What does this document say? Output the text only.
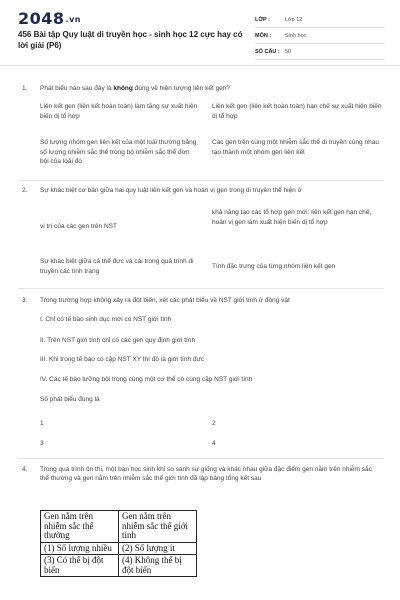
2048.vn
456 Bài tập Quy luật di truyền học - sinh học 12 cực hay có lời giải (P6)
LỚP :	Lớp 12
MÔN :	Sinh học
SỐ CÂU : 50
1. Phát biểu nào sau đây là không đúng về hiện tượng liên kết gen?
Liên kết gen (liên kết hoàn toàn) làm tăng sự xuất hiện biến dị tổ hợp
Liên kết gen (liên kết hoàn toàn) hạn chế sự xuất hiện biến dị tổ hợp
Số lượng nhóm gen liên kết của một loài thường bằng số lượng nhiễm sắc thể trong bộ nhiễm sắc thể đơn bội của loài đó
Các gen trên cùng một nhiễm sắc thể di truyền cùng nhau tạo thành một nhóm gen liên kết
2. Sự khác biệt cơ bản giữa hai quy luật liên kết gen và hoán vị gen trong di truyền thể hiện ở
vị trí của các gen trên NST
khả năng tạo các tổ hợp gen mới: liên kết gen hạn chế, hoán vị gen làm xuất hiện biến dị tổ hợp
Sự khác biệt giữa cá thể đực và cái trong quá trình di truyền các tính trạng
Tính đặc trưng của từng nhóm liên kết gen
3. Trong trường hợp không xảy ra đột biến, xét các phát biểu về NST giới tính ở động vật
I. Chỉ có tế bào sinh dục mới có NST giới tính
II. Trên NST giới tính chỉ có các gen quy định giới tính
III. Khi trong tế bào có cặp NST XY thì đó là giới tính đực
IV. Các tế bào lưỡng bội trong cùng một cơ thể có cùng cặp NST giới tính
Số phát biểu đúng là
1	2
3	4
4. Trong quá trình ôn thi, một bạn học sinh khi so sánh sự giống và khác nhau giữa đặc điểm gen nằm trên nhiễm sắc thể thường và gen nằm trên nhiễm sắc thể giới tính đã lập bảng tổng kết sau
Gen nằm trên nhiễm sắc thể thường	Gen nằm trên nhiễm sắc thể giới tính
(1) Số lượng nhiều	(2) Số lượng ít
(3) Có thể bị đột biến	(4) Không thể bị đột biến
